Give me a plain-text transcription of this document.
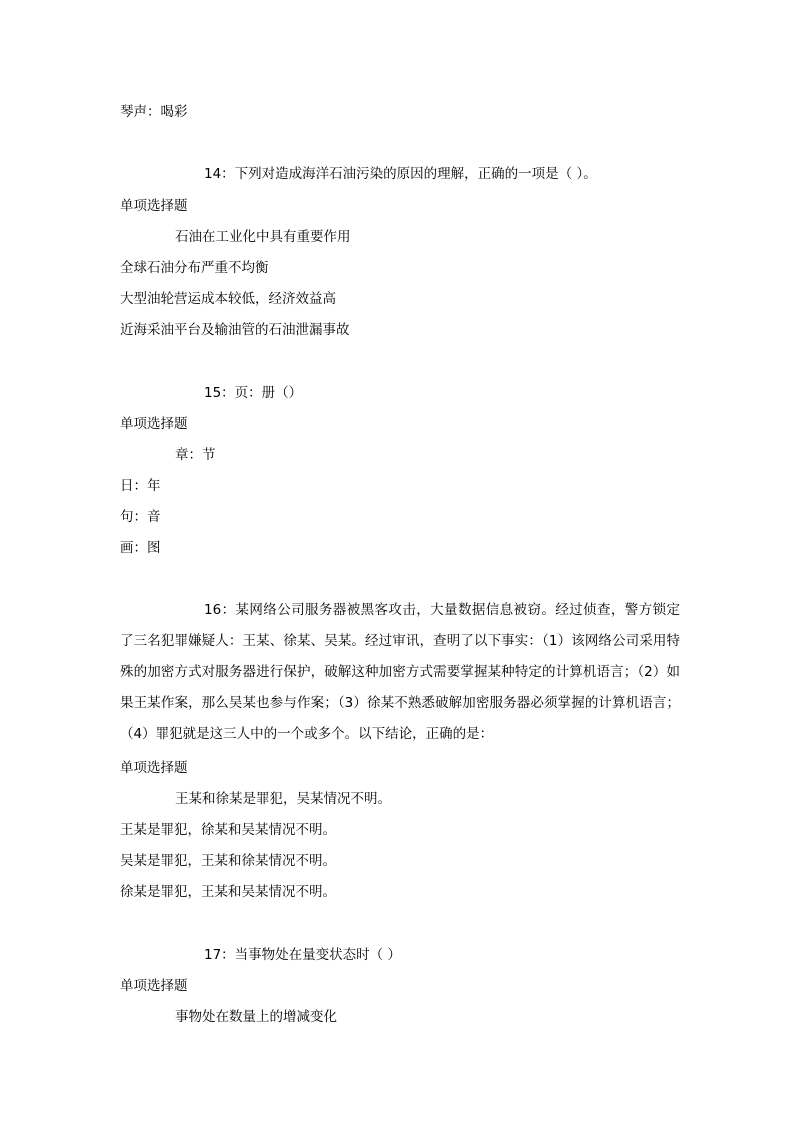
琴声：喝彩
14：下列对造成海洋石油污染的原因的理解，正确的一项是（ ）。
单项选择题
石油在工业化中具有重要作用
全球石油分布严重不均衡
大型油轮营运成本较低，经济效益高
近海采油平台及输油管的石油泄漏事故
15：页：册（）
单项选择题
章：节
日：年
句：音
画：图
16：某网络公司服务器被黑客攻击，大量数据信息被窃。经过侦查，警方锁定了三名犯罪嫌疑人：王某、徐某、吴某。经过审讯，查明了以下事实：（1）该网络公司采用特殊的加密方式对服务器进行保护，破解这种加密方式需要掌握某种特定的计算机语言；（2）如果王某作案，那么吴某也参与作案；（3）徐某不熟悉破解加密服务器必须掌握的计算机语言；（4）罪犯就是这三人中的一个或多个。以下结论，正确的是：
单项选择题
王某和徐某是罪犯，吴某情况不明。
王某是罪犯，徐某和吴某情况不明。
吴某是罪犯，王某和徐某情况不明。
徐某是罪犯，王某和吴某情况不明。
17：当事物处在量变状态时（ ）
单项选择题
事物处在数量上的增减变化
